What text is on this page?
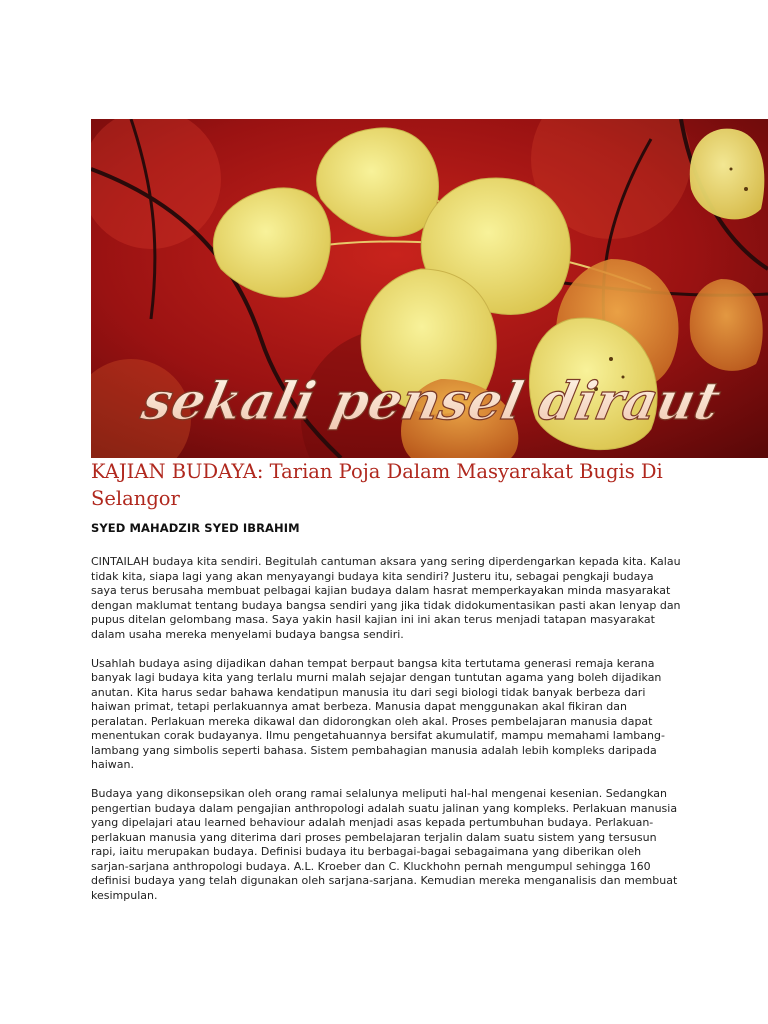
sekali pensel diraut
KAJIAN BUDAYA: Tarian Poja Dalam Masyarakat Bugis Di Selangor
SYED MAHADZIR SYED IBRAHIM

CINTAILAH budaya kita sendiri. Begitulah cantuman aksara yang sering diperdengarkan kepada kita. Kalau tidak kita, siapa lagi yang akan menyayangi budaya kita sendiri? Justeru itu, sebagai pengkaji budaya saya terus berusaha membuat pelbagai kajian budaya dalam hasrat memperkayakan minda masyarakat dengan maklumat tentang budaya bangsa sendiri yang jika tidak didokumentasikan pasti akan lenyap dan pupus ditelan gelombang masa. Saya yakin hasil kajian ini ini akan terus menjadi tatapan masyarakat dalam usaha mereka menyelami budaya bangsa sendiri.

Usahlah budaya asing dijadikan dahan tempat berpaut bangsa kita tertutama generasi remaja kerana banyak lagi budaya kita yang terlalu murni malah sejajar dengan tuntutan agama yang boleh dijadikan anutan. Kita harus sedar bahawa kendatipun manusia itu dari segi biologi tidak banyak berbeza dari haiwan primat, tetapi perlakuannya amat berbeza. Manusia dapat menggunakan akal fikiran dan peralatan. Perlakuan mereka dikawal dan didorongkan oleh akal. Proses pembelajaran manusia dapat menentukan corak budayanya. Ilmu pengetahuannya bersifat akumulatif, mampu memahami lambang-lambang yang simbolis seperti bahasa. Sistem pembahagian manusia adalah lebih kompleks daripada haiwan.

Budaya yang dikonsepsikan oleh orang ramai selalunya meliputi hal-hal mengenai kesenian. Sedangkan pengertian budaya dalam pengajian anthropologi adalah suatu jalinan yang kompleks. Perlakuan manusia yang dipelajari atau learned behaviour adalah menjadi asas kepada pertumbuhan budaya. Perlakuan-perlakuan manusia yang diterima dari proses pembelajaran terjalin dalam suatu sistem yang tersusun rapi, iaitu merupakan budaya. Definisi budaya itu berbagai-bagai sebagaimana yang diberikan oleh sarjan-sarjana anthropologi budaya. A.L. Kroeber dan C. Kluckhohn pernah mengumpul sehingga 160 definisi budaya yang telah digunakan oleh sarjana-sarjana. Kemudian mereka menganalisis dan membuat kesimpulan.
